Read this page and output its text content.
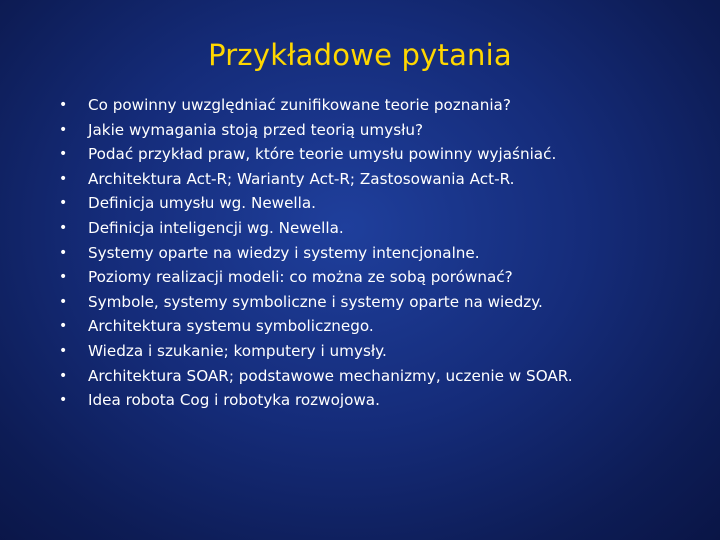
Przykładowe pytania
• Co powinny uwzględniać zunifikowane teorie poznania?
• Jakie wymagania stoją przed teorią umysłu?
• Podać przykład praw, które teorie umysłu powinny wyjaśniać.
• Architektura Act-R; Warianty Act-R; Zastosowania Act-R.
• Definicja umysłu wg. Newella.
• Definicja inteligencji wg. Newella.
• Systemy oparte na wiedzy i systemy intencjonalne.
• Poziomy realizacji modeli: co można ze sobą porównać?
• Symbole, systemy symboliczne i systemy oparte na wiedzy.
• Architektura systemu symbolicznego.
• Wiedza i szukanie; komputery i umysły.
• Architektura SOAR; podstawowe mechanizmy, uczenie w SOAR.
• Idea robota Cog i robotyka rozwojowa.
